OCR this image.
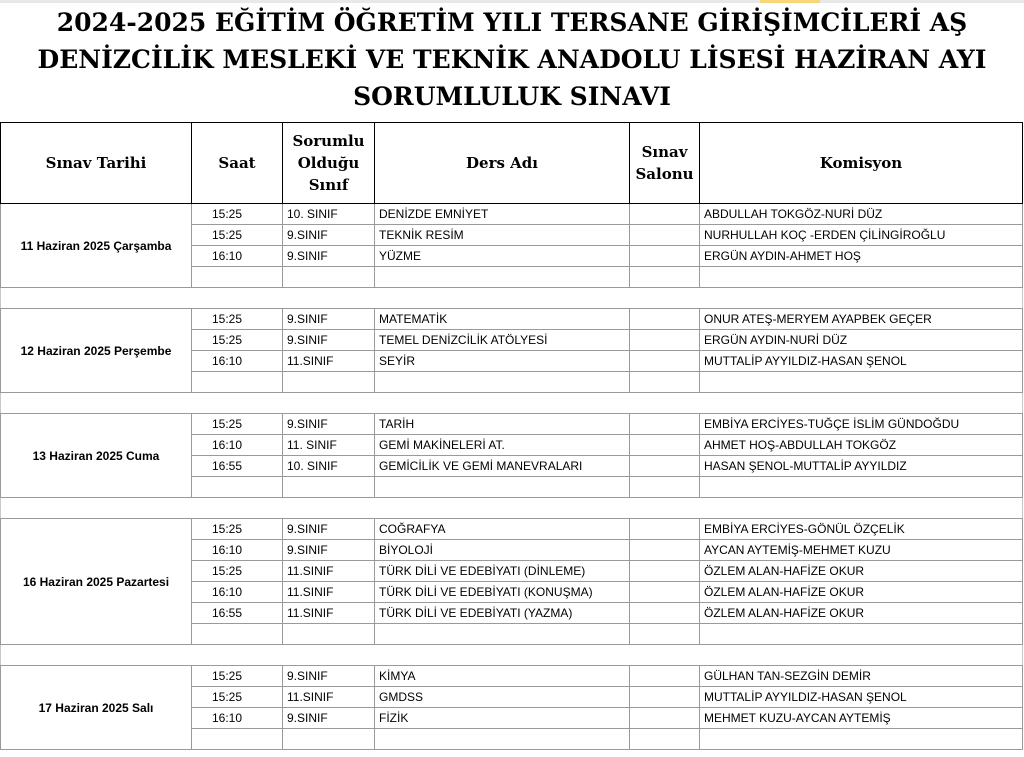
2024-2025 EĞİTİM ÖĞRETİM YILI TERSANE GİRİŞİMCİLERİ AŞ
DENİZCİLİK MESLEKİ VE TEKNİK ANADOLU LİSESİ HAZİRAN AYI
SORUMLULUK SINAVI
Sınav Tarihi	Saat	Sorumlu Olduğu Sınıf	Ders Adı	Sınav Salonu	Komisyon
11 Haziran 2025 Çarşamba	15:25	10. SINIF	DENİZDE EMNİYET		ABDULLAH TOKGÖZ-NURİ DÜZ
	15:25	9.SINIF	TEKNİK RESİM		NURHULLAH KOÇ -ERDEN ÇİLİNGİROĞLU
	16:10	9.SINIF	YÜZME		ERGÜN AYDIN-AHMET HOŞ

12 Haziran 2025 Perşembe	15:25	9.SINIF	MATEMATİK		ONUR ATEŞ-MERYEM AYAPBEK GEÇER
	15:25	9.SINIF	TEMEL DENİZCİLİK ATÖLYESİ		ERGÜN AYDIN-NURİ DÜZ
	16:10	11.SINIF	SEYİR		MUTTALİP AYYILDIZ-HASAN ŞENOL

13 Haziran 2025 Cuma	15:25	9.SINIF	TARİH		EMBİYA ERCİYES-TUĞÇE İSLİM GÜNDOĞDU
	16:10	11. SINIF	GEMİ MAKİNELERİ AT.		AHMET HOŞ-ABDULLAH TOKGÖZ
	16:55	10. SINIF	GEMİCİLİK VE GEMİ MANEVRALARI		HASAN ŞENOL-MUTTALİP AYYILDIZ

16 Haziran 2025 Pazartesi	15:25	9.SINIF	COĞRAFYA		EMBİYA ERCİYES-GÖNÜL ÖZÇELİK
	16:10	9.SINIF	BİYOLOJİ		AYCAN AYTEMİŞ-MEHMET KUZU
	15:25	11.SINIF	TÜRK DİLİ VE EDEBİYATI (DİNLEME)		ÖZLEM ALAN-HAFİZE OKUR
	16:10	11.SINIF	TÜRK DİLİ VE EDEBİYATI (KONUŞMA)		ÖZLEM ALAN-HAFİZE OKUR
	16:55	11.SINIF	TÜRK DİLİ VE EDEBİYATI (YAZMA)		ÖZLEM ALAN-HAFİZE OKUR

17 Haziran 2025 Salı	15:25	9.SINIF	KİMYA		GÜLHAN TAN-SEZGİN DEMİR
	15:25	11.SINIF	GMDSS		MUTTALİP AYYILDIZ-HASAN ŞENOL
	16:10	9.SINIF	FİZİK		MEHMET KUZU-AYCAN AYTEMİŞ
